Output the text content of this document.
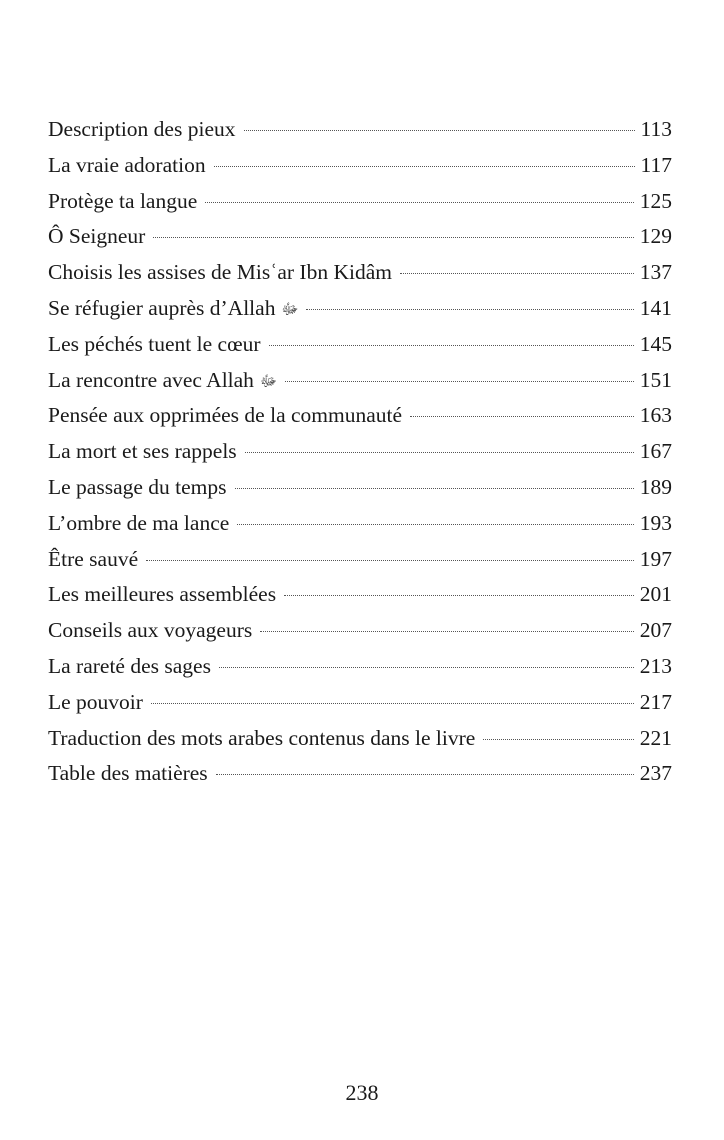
Description des pieux	113
La vraie adoration	117
Protège ta langue	125
Ô Seigneur	129
Choisis les assises de Misʿar Ibn Kidâm	137
Se réfugier auprès d’Allah ﷻ	141
Les péchés tuent le cœur	145
La rencontre avec Allah ﷻ	151
Pensée aux opprimées de la communauté	163
La mort et ses rappels	167
Le passage du temps	189
L’ombre de ma lance	193
Être sauvé	197
Les meilleures assemblées	201
Conseils aux voyageurs	207
La rareté des sages	213
Le pouvoir	217
Traduction des mots arabes contenus dans le livre	221
Table des matières	237
238
